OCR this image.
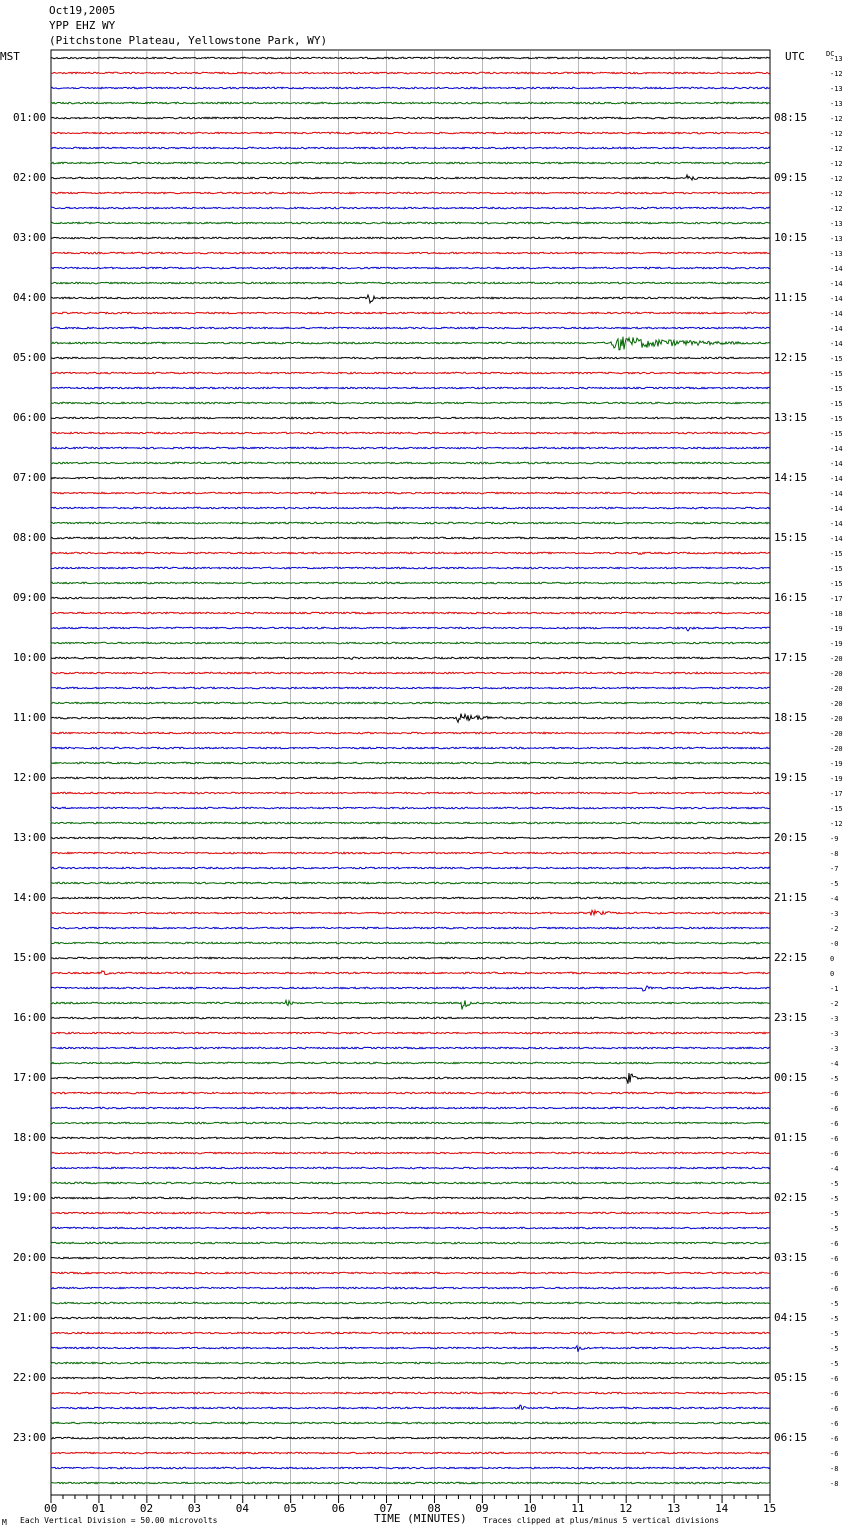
Oct19,2005
YPP EHZ WY
(Pitchstone Plateau, Yellowstone Park, WY)
MST	UTC	DC
01:00
02:00
03:00
04:00
05:00
06:00
07:00
08:00
09:00
10:00
11:00
12:00
13:00
14:00
15:00
16:00
17:00
18:00
19:00
20:00
21:00
22:00
23:00
08:15
09:15
10:15
11:15
12:15
13:15
14:15
15:15
16:15
17:15
18:15
19:15
20:15
21:15
22:15
23:15
00:15
01:15
02:15
03:15
04:15
05:15
06:15
-13
-12
-13
-13
-12
-12
-12
-12
-12
-12
-12
-13
-13
-13
-14
-14
-14
-14
-14
-14
-15
-15
-15
-15
-15
-15
-14
-14
-14
-14
-14
-14
-14
-15
-15
-15
-17
-18
-19
-19
-20
-20
-20
-20
-20
-20
-20
-19
-19
-17
-15
-12
-9
-8
-7
-5
-4
-3
-2
-0
0
0
-1
-2
-3
-3
-3
-4
-5
-6
-6
-6
-6
-6
-4
-5
-5
-5
-5
-6
-6
-6
-6
-5
-5
-5
-5
-5
-6
-6
-6
-6
-6
-6
-8
-8
00	01	02	03	04	05	06	07	08	09	10	11	12	13	14	15
M Each Vertical Division = 50.00 microvolts	TIME (MINUTES) Traces clipped at plus/minus 5 vertical divisions
